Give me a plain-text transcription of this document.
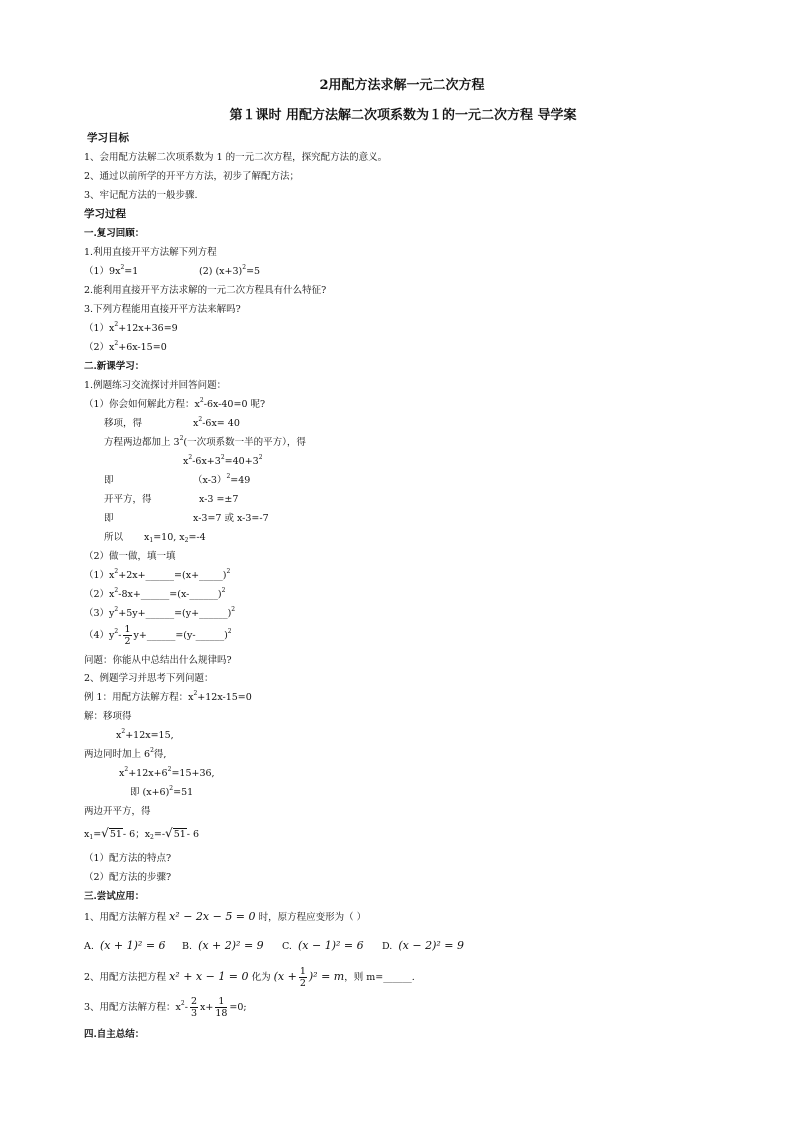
2用配方法求解一元二次方程
第１课时 用配方法解二次项系数为１的一元二次方程 导学案
学习目标
1、会用配方法解二次项系数为 1 的一元二次方程，探究配方法的意义。
2、通过以前所学的开平方方法，初步了解配方法；
3、牢记配方法的一般步骤.
学习过程
一.复习回顾：
1.利用直接开平方法解下列方程
$(1)9x^2=1$	(2) $(x+3)^2=5$
2.能利用直接开平方法求解的一元二次方程具有什么特征?
3.下列方程能用直接开平方法来解吗?
$(1)x^2+12x+36=9$
$(2)x^2+6x-15=0$
二.新课学习：
1.例题练习交流探讨并回答问题：
（1）你会如何解此方程：$x^2-6x-40=0$ 呢?
移项，得	$x^2-6x= 40$
方程两边都加上 $3^2$(一次项系数一半的平方），得
$x^2-6x+3^2=40+3^2$
即	$(x-3)^2=49$
开平方，得	x-3 =±7
即	x-3=7 或 x-3=-7
所以 $x_1=10$, $x_2=-4$
（2）做一做，填一填
$(1)x^2+2x+\_\_\_\_\_\_=(x+\_\_\_\_\_)^2$
$(2)x^2-8x+\_\_\_\_\_\_=(x-\_\_\_\_\_\_)^2$
$(3)y^2+5y+\_\_\_\_\_\_=(y+\_\_\_\_\_\_)^2$
$(4)y^2- \frac{1}{2}$ y+______=(y-______)$^2$
问题：你能从中总结出什么规律吗?
2、例题学习并思考下列问题：
例 1：用配方法解方程：$x^2+12x-15=0$
解：移项得
$x^2+12x=15$,
两边同时加上 $6^2$得,
$x^2+12x+6^2=15+36$,
即 $(x+6)^2=51$
两边开平方，得
$x_1=√51-$ 6；$x_2=-√51-$ 6
（1）配方法的特点?
（2）配方法的步骤?
三.尝试应用：
1、用配方法解方程 x² − 2x − 5 = 0 时，原方程应变形为（ ）
A. (x + 1)² = 6 B. (x + 2)² = 9 C. (x − 1)² = 6 D. (x − 2)² = 9
2、用配方法把方程 x² + x − 1 = 0 化为 $(x + \frac{1}{2} )^2 = m$，则 m=______.
3、用配方法解方程：$x^2- \frac{2}{3} x+ \frac{1}{18} =0$;
四.自主总结：
